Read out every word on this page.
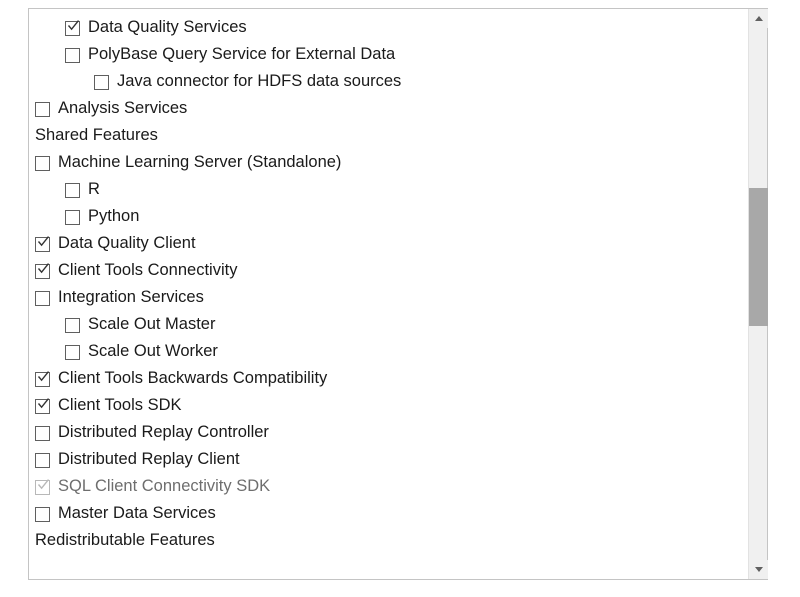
Data Quality Services
PolyBase Query Service for External Data
Java connector for HDFS data sources
Analysis Services
Shared Features
Machine Learning Server (Standalone)
R
Python
Data Quality Client
Client Tools Connectivity
Integration Services
Scale Out Master
Scale Out Worker
Client Tools Backwards Compatibility
Client Tools SDK
Distributed Replay Controller
Distributed Replay Client
SQL Client Connectivity SDK
Master Data Services
Redistributable Features
